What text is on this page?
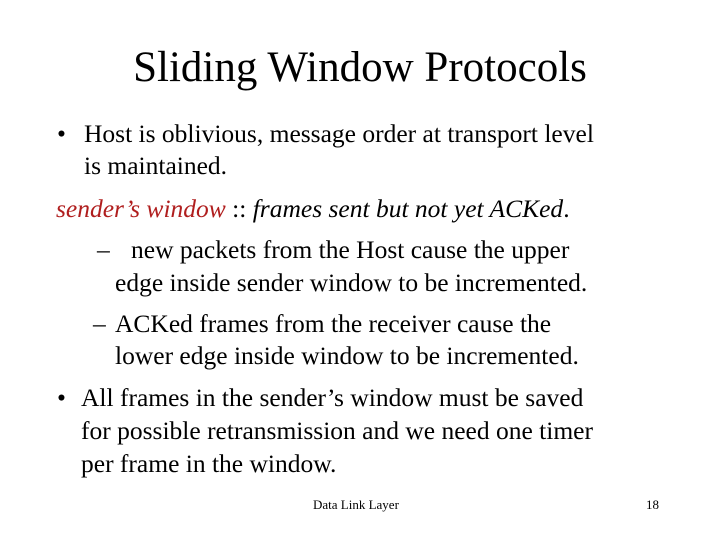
Sliding Window Protocols
• Host is oblivious, message order at transport level
is maintained.
sender’s window :: frames sent but not yet ACKed.
– new packets from the Host cause the upper
edge inside sender window to be incremented.
– ACKed frames from the receiver cause the
lower edge inside window to be incremented.
• All frames in the sender’s window must be saved
for possible retransmission and we need one timer
per frame in the window.
Data Link Layer	18
